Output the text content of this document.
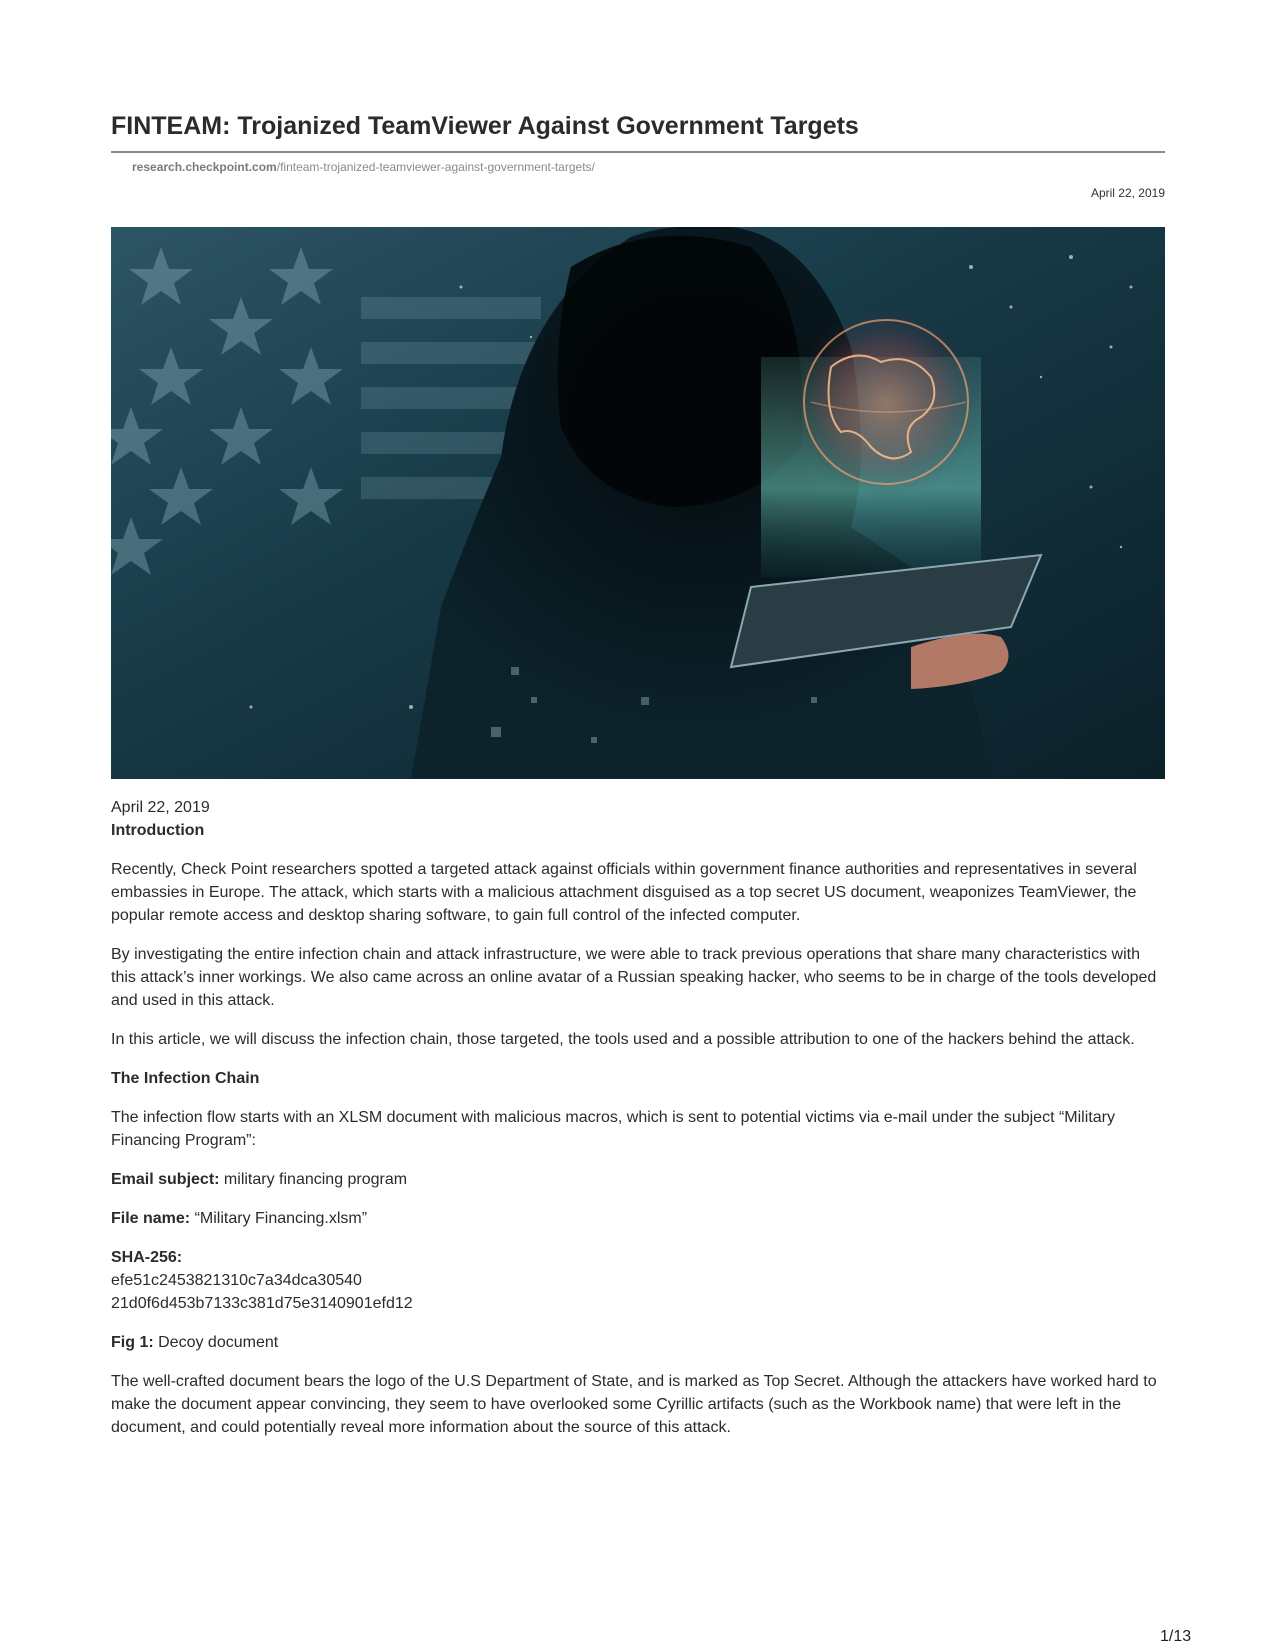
FINTEAM: Trojanized TeamViewer Against Government Targets
research.checkpoint.com/finteam-trojanized-teamviewer-against-government-targets/
April 22, 2019

April 22, 2019

Introduction

Recently, Check Point researchers spotted a targeted attack against officials within government finance authorities and representatives in several embassies in Europe. The attack, which starts with a malicious attachment disguised as a top secret US document, weaponizes TeamViewer, the popular remote access and desktop sharing software, to gain full control of the infected computer.

By investigating the entire infection chain and attack infrastructure, we were able to track previous operations that share many characteristics with this attack’s inner workings. We also came across an online avatar of a Russian speaking hacker, who seems to be in charge of the tools developed and used in this attack.

In this article, we will discuss the infection chain, those targeted, the tools used and a possible attribution to one of the hackers behind the attack.

The Infection Chain

The infection flow starts with an XLSM document with malicious macros, which is sent to potential victims via e-mail under the subject “Military Financing Program”:

Email subject: military financing program

File name: “Military Financing.xlsm”

SHA-256:
efe51c2453821310c7a34dca30540
21d0f6d453b7133c381d75e3140901efd12

Fig 1: Decoy document

The well-crafted document bears the logo of the U.S Department of State, and is marked as Top Secret. Although the attackers have worked hard to make the document appear convincing, they seem to have overlooked some Cyrillic artifacts (such as the Workbook name) that were left in the document, and could potentially reveal more information about the source of this attack.

1/13
